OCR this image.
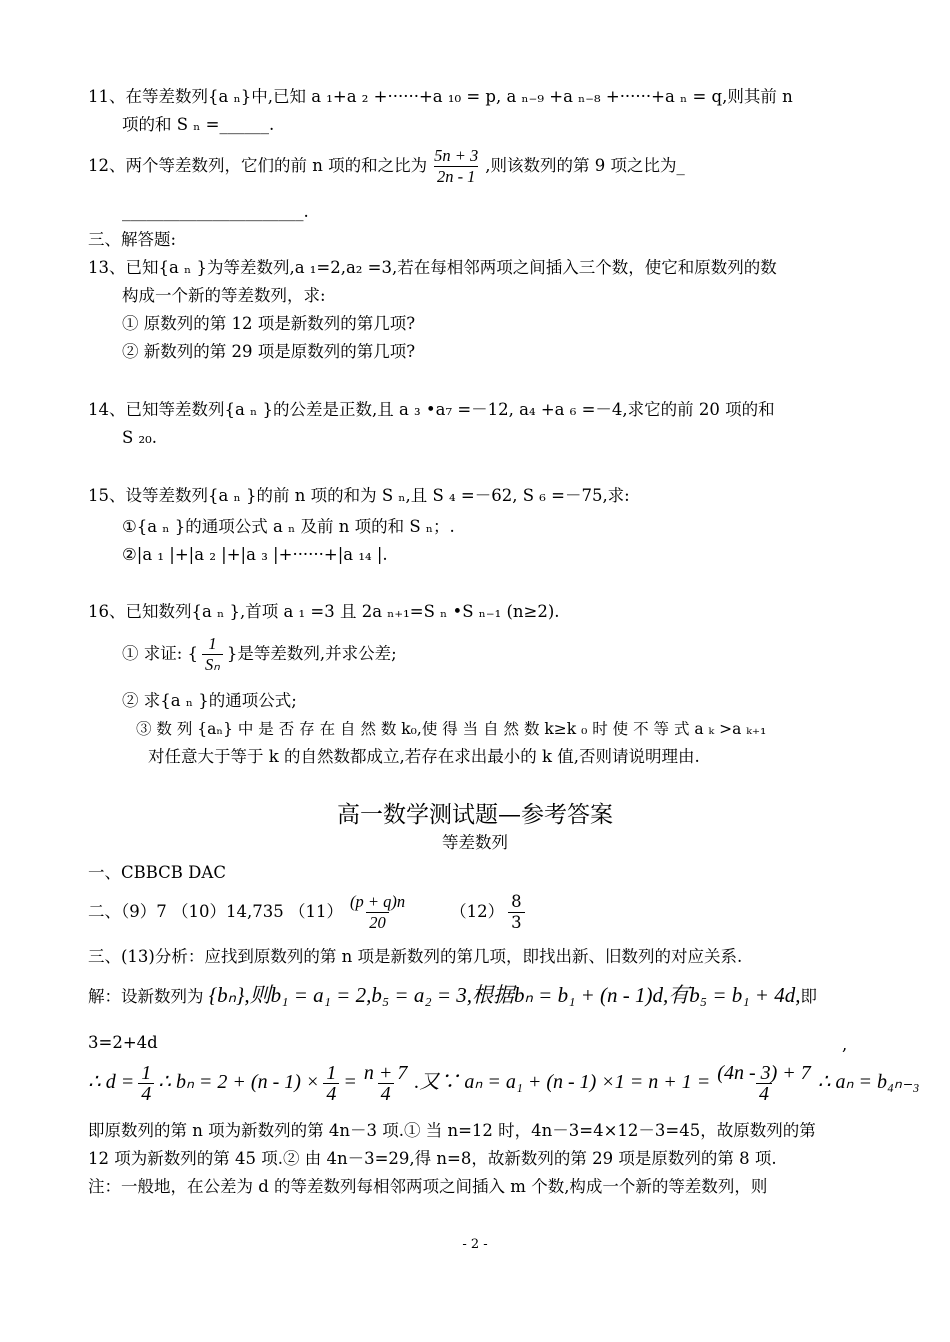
11、在等差数列{a ₙ}中,已知 a ₁+a ₂ +······+a ₁₀ = p, a ₙ₋₉ +a ₙ₋₈ +······+a ₙ = q,则其前 n
项的和 S ₙ =______.
12、两个等差数列，它们的前 n 项的和之比为 $\frac{5n + 3}{2n - 1}$ ,则该数列的第 9 项之比为_
______________________.
三、解答题:
13、已知{a ₙ }为等差数列,a ₁=2,a₂ =3,若在每相邻两项之间插入三个数，使它和原数列的数
构成一个新的等差数列，求:
① 原数列的第 12 项是新数列的第几项?
② 新数列的第 29 项是原数列的第几项?
14、已知等差数列{a ₙ }的公差是正数,且 a ₃ •a₇ =－12, a₄ +a ₆ =－4,求它的前 20 项的和
S ₂₀.
15、设等差数列{a ₙ }的前 n 项的和为 S ₙ,且 S ₄ =－62, S ₆ =－75,求:
①{a ₙ }的通项公式 a ₙ 及前 n 项的和 S ₙ；.
②|a ₁ |+|a ₂ |+|a ₃ |+······+|a ₁₄ |.
16、已知数列{a ₙ },首项 a ₁ =3 且 2a ₙ₊₁=S ₙ •S ₙ₋₁ (n≥2).
① 求证: { $\frac{1}{\text{Sₙ}}$ }是等差数列,并求公差;
② 求{a ₙ }的通项公式;
③ 数 列 {aₙ} 中 是 否 存 在 自 然 数 k₀,使 得 当 自 然 数 k≥k ₀ 时 使 不 等 式 a ₖ >a ₖ₊₁
对任意大于等于 k 的自然数都成立,若存在求出最小的 k 值,否则请说明理由.
高一数学测试题—参考答案
等差数列
一、CBBCB DAC
二、（9）7 （10）14,735 $(11) \frac{(p + q)n}{20}$	$(12) \frac{8}{3}$
三、(13)分析：应找到原数列的第 n 项是新数列的第几项，即找出新、旧数列的对应关系.
解：设新数列为 {bₙ},则b₁ = a₁ = 2,b₅ = a₂ = 3,根据bₙ = b₁ + (n - 1)d,有b₅ = b₁ + 4d,即
3=2+4d	,
∴ $d = \frac{1}{4}$ ∴ $b_n = 2 + (n - 1) \times \frac{1}{4} = \frac{n + 7}{4}$ .又∵ $a_n = a_1 + (n - 1) \times 1 = n + 1 = \frac{(4n - 3) + 7}{4}$ ∴ aₙ = b₄ₙ₋₃
即原数列的第 n 项为新数列的第 4n－3 项.① 当 n=12 时，4n－3=4×12－3=45，故原数列的第
12 项为新数列的第 45 项.② 由 4n－3=29,得 n=8，故新数列的第 29 项是原数列的第 8 项.
注：一般地，在公差为 d 的等差数列每相邻两项之间插入 m 个数,构成一个新的等差数列，则
- 2 -
